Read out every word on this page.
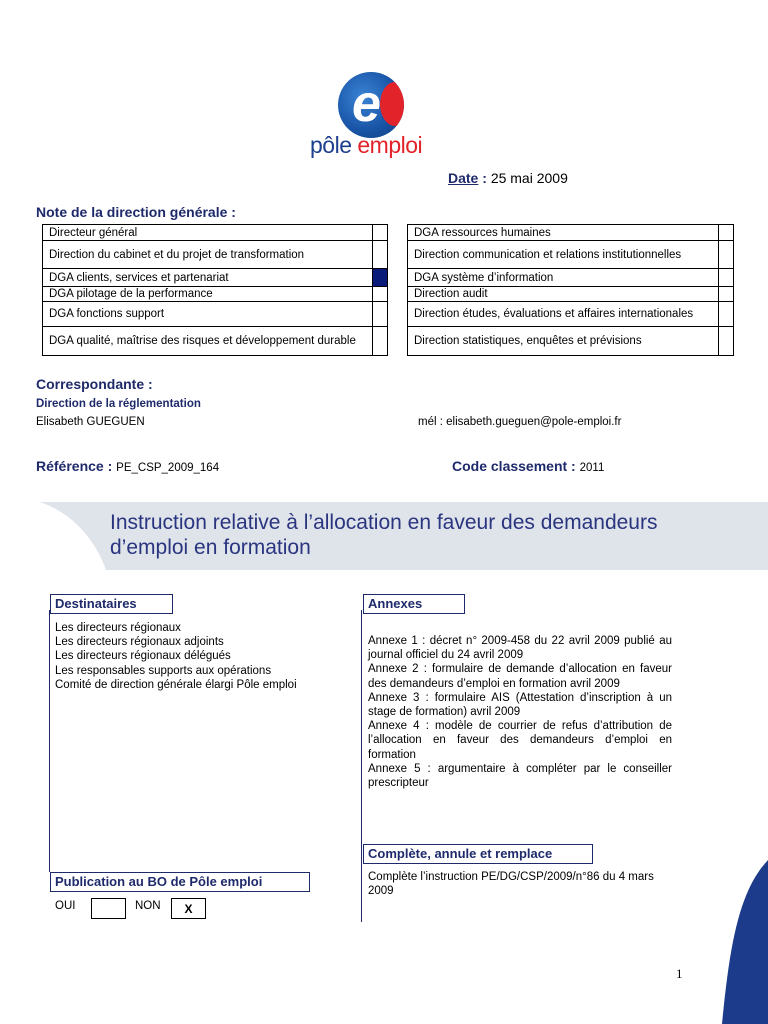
e
pôle emploi
Date : 25 mai 2009
Note de la direction générale :
Directeur général	
Direction du cabinet et du projet de transformation	
DGA clients, services et partenariat	
DGA pilotage de la performance	
DGA fonctions support	
DGA qualité, maîtrise des risques et développement durable	
DGA ressources humaines	
Direction communication et relations institutionnelles	
DGA système d’information	
Direction audit	
Direction études, évaluations et affaires internationales	
Direction statistiques, enquêtes et prévisions	
Correspondante :
Direction de la réglementation
Elisabeth GUEGUEN	mél : elisabeth.gueguen@pole-emploi.fr
Référence : PE_CSP_2009_164	Code classement : 2011
Instruction relative à l’allocation en faveur des demandeurs
d’emploi en formation
Destinataires
Les directeurs régionaux
Les directeurs régionaux adjoints
Les directeurs régionaux délégués
Les responsables supports aux opérations
Comité de direction générale élargi Pôle emploi
Annexes
Annexe 1 : décret n° 2009-458 du 22 avril 2009 publié au journal officiel du 24 avril 2009
Annexe 2 : formulaire de demande d’allocation en faveur des demandeurs d’emploi en formation avril 2009
Annexe 3 : formulaire AIS (Attestation d’inscription à un stage de formation) avril 2009
Annexe 4 : modèle de courrier de refus d’attribution de l’allocation en faveur des demandeurs d’emploi en formation
Annexe 5 : argumentaire à compléter par le conseiller prescripteur
Complète, annule et remplace
Complète l’instruction PE/DG/CSP/2009/n°86 du 4 mars 2009
Publication au BO de Pôle emploi
OUI	NON	X
1
